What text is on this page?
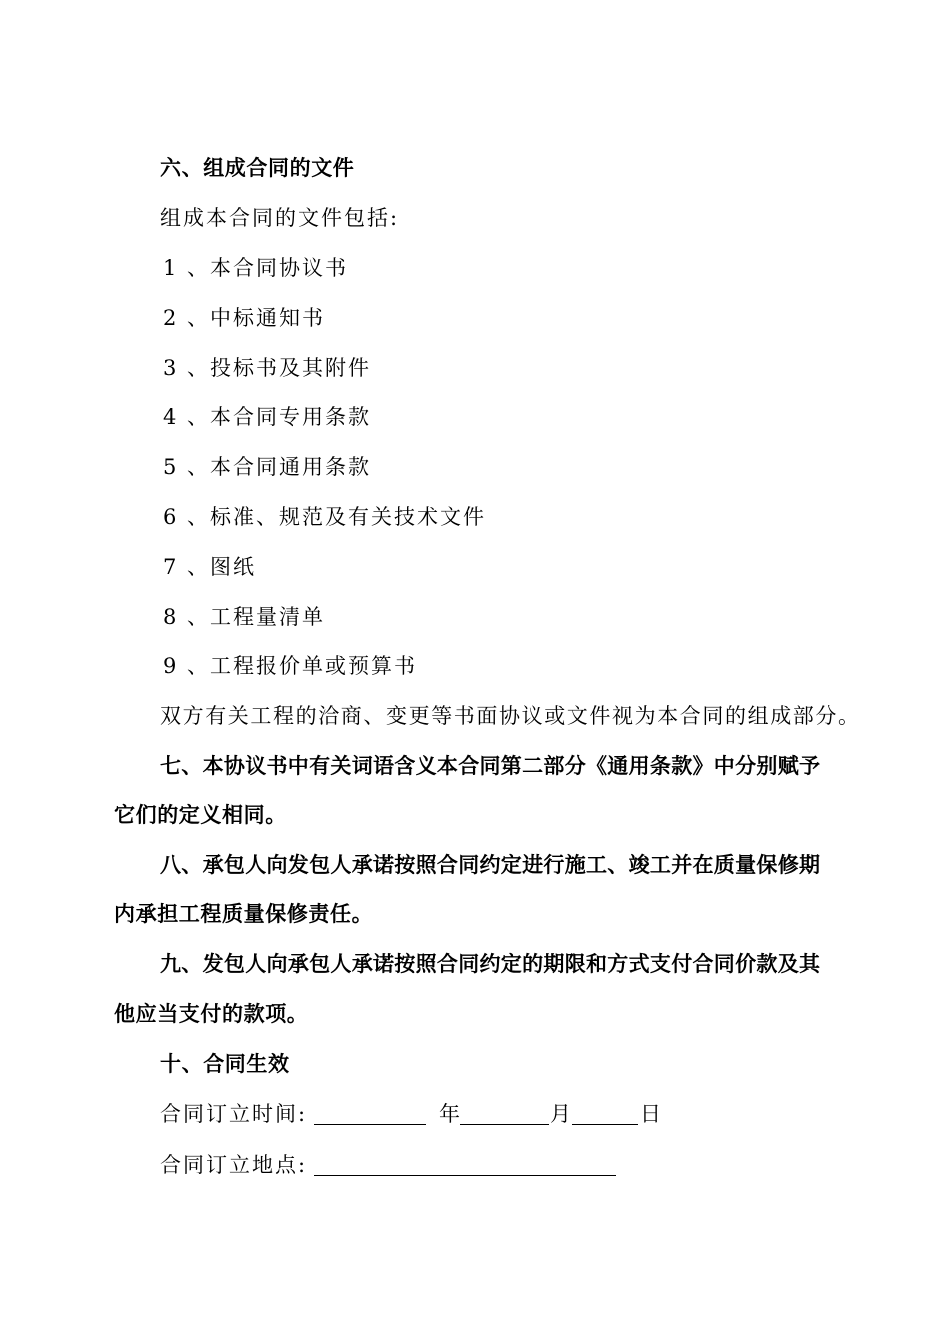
六、组成合同的文件
组成本合同的文件包括:
1 、本合同协议书
2 、中标通知书
3 、投标书及其附件
4 、本合同专用条款
5 、本合同通用条款
6 、标准、规范及有关技术文件
7 、图纸
8 、工程量清单
9 、工程报价单或预算书
双方有关工程的洽商、变更等书面协议或文件视为本合同的组成部分。
七、本协议书中有关词语含义本合同第二部分《通用条款》中分别赋予
它们的定义相同。
八、承包人向发包人承诺按照合同约定进行施工、竣工并在质量保修期
内承担工程质量保修责任。
九、发包人向承包人承诺按照合同约定的期限和方式支付合同价款及其
他应当支付的款项。
十、合同生效
合同订立时间:	年	月	日
合同订立地点:
